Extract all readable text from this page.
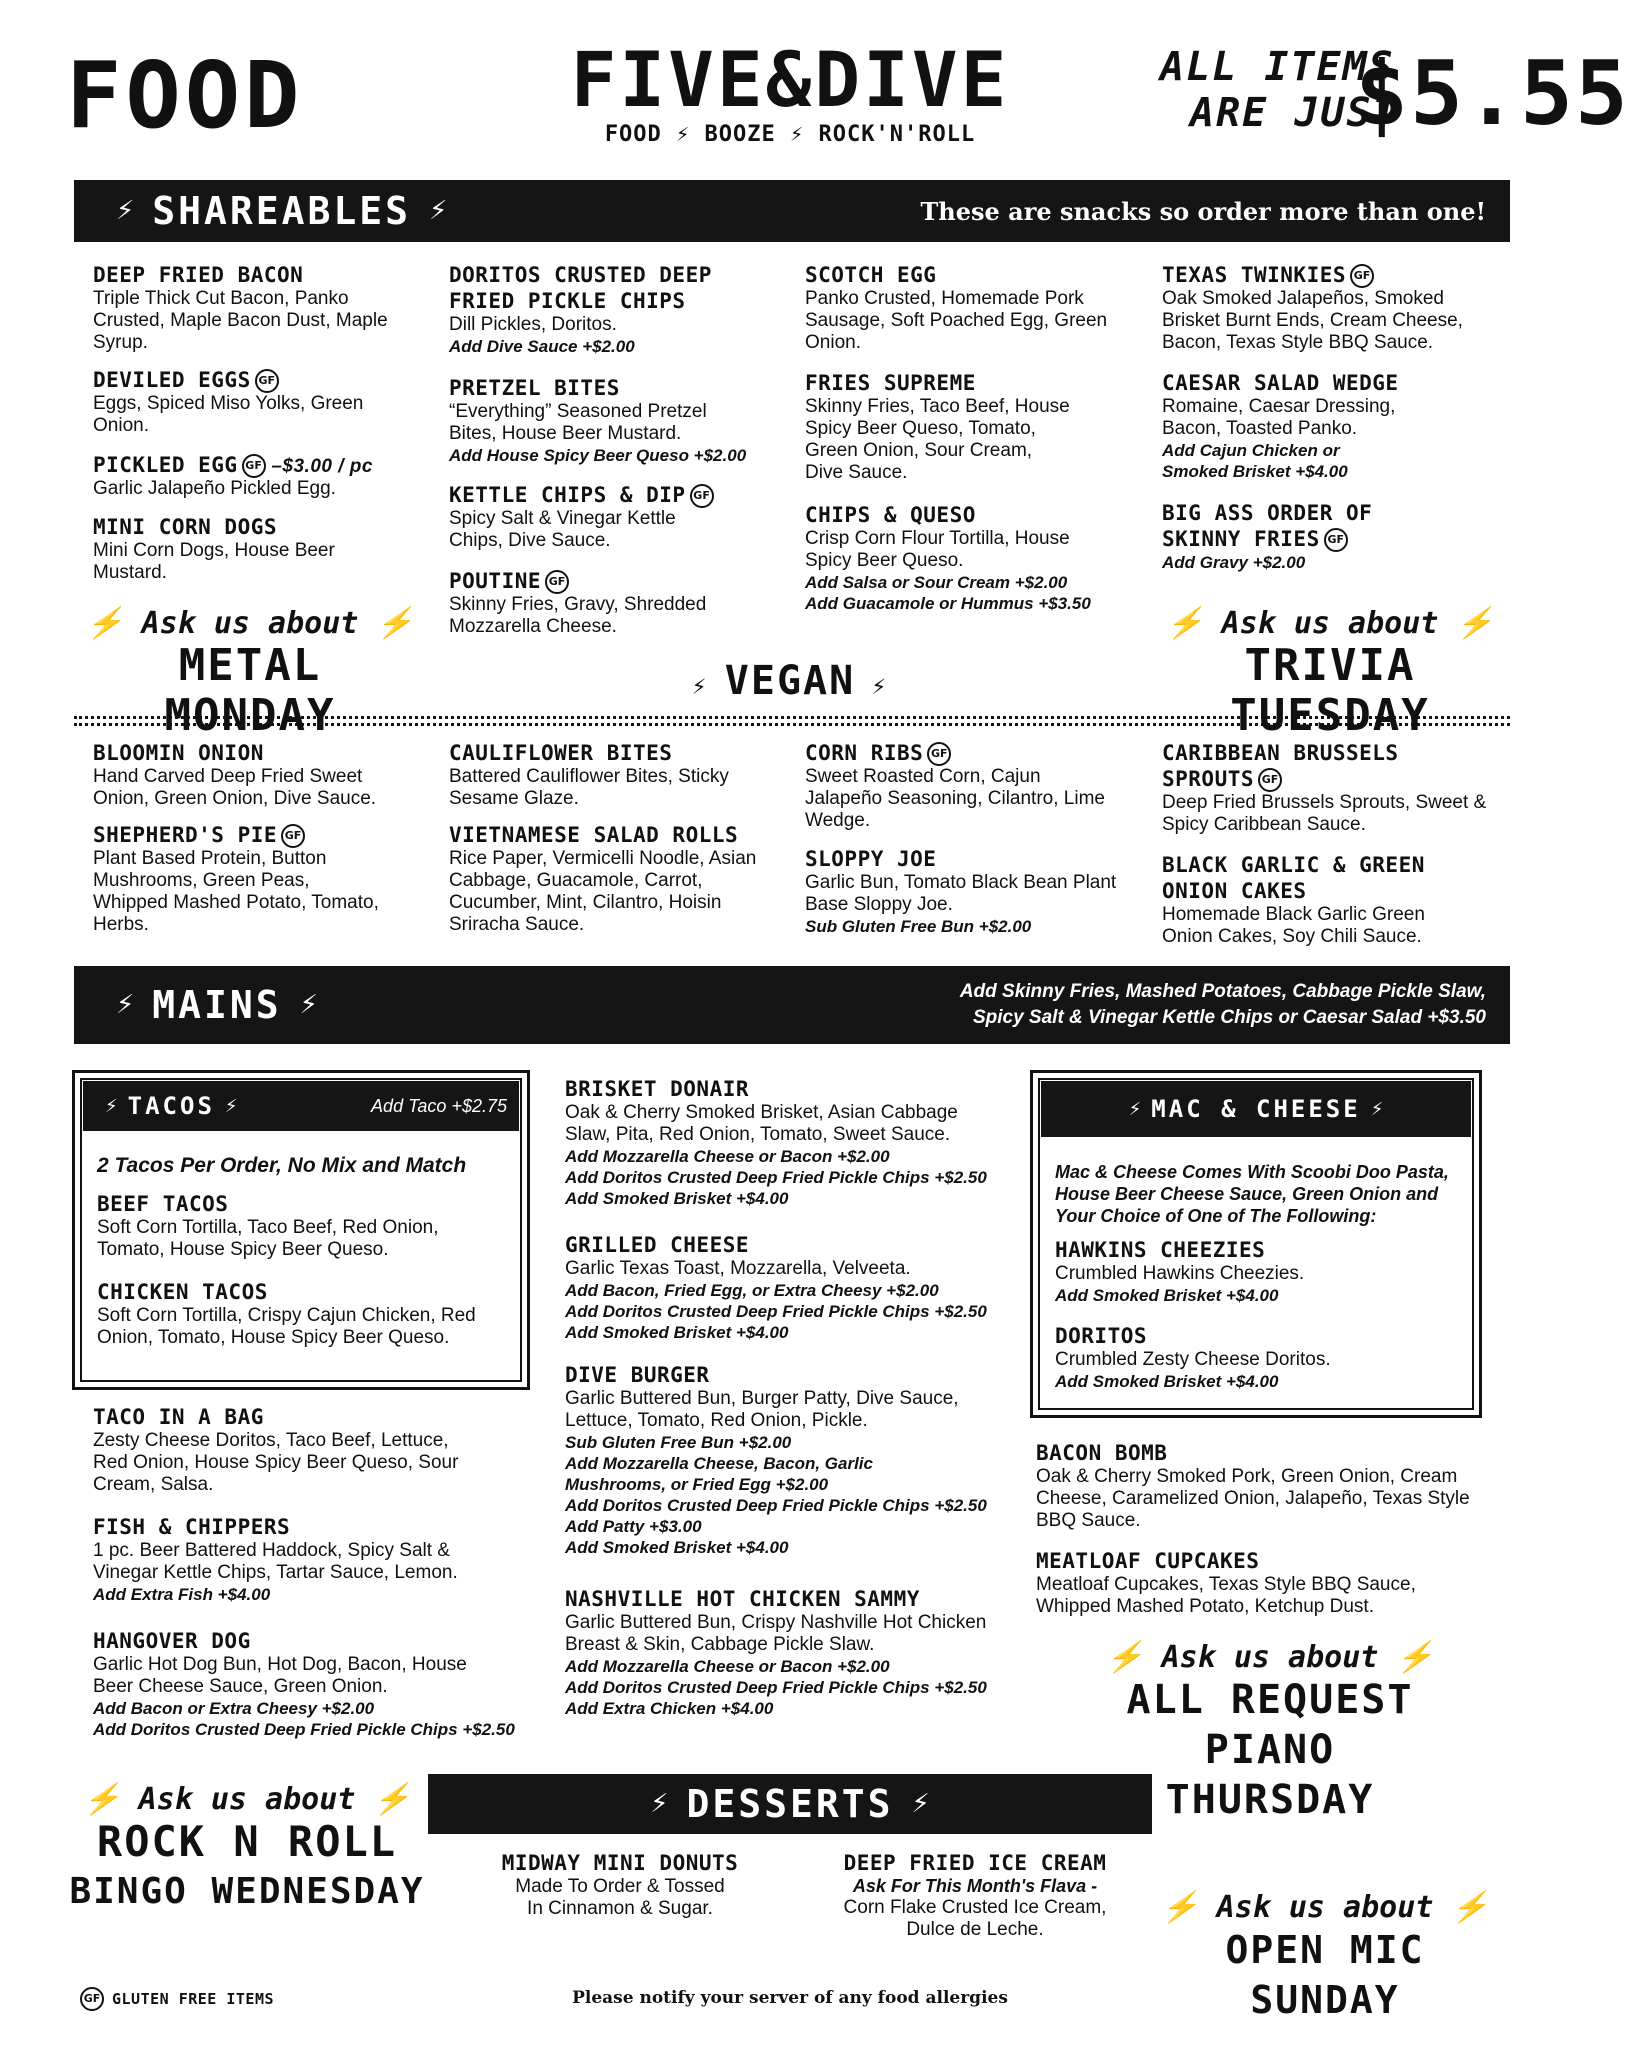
FOOD	FIVE&DIVE
FOOD ⚡ BOOZE ⚡ ROCK'N'ROLL
ALL ITEMS
ARE JUST
$5.55
⚡ SHAREABLES ⚡	These are snacks so order more than one!
DEEP FRIED BACON
Triple Thick Cut Bacon, Panko Crusted, Maple Bacon Dust, Maple Syrup.
DEVILED EGGS GF
Eggs, Spiced Miso Yolks, Green Onion.
PICKLED EGG GF –$3.00 / pc
Garlic Jalapeño Pickled Egg.
MINI CORN DOGS
Mini Corn Dogs, House Beer Mustard.
DORITOS CRUSTED DEEP FRIED PICKLE CHIPS
Dill Pickles, Doritos.
Add Dive Sauce +$2.00
PRETZEL BITES
“Everything” Seasoned Pretzel Bites, House Beer Mustard.
Add House Spicy Beer Queso +$2.00
KETTLE CHIPS & DIP GF
Spicy Salt & Vinegar Kettle Chips, Dive Sauce.
POUTINE GF
Skinny Fries, Gravy, Shredded Mozzarella Cheese.
SCOTCH EGG
Panko Crusted, Homemade Pork Sausage, Soft Poached Egg, Green Onion.
FRIES SUPREME
Skinny Fries, Taco Beef, House Spicy Beer Queso, Tomato, Green Onion, Sour Cream, Dive Sauce.
CHIPS & QUESO
Crisp Corn Flour Tortilla, House Spicy Beer Queso.
Add Salsa or Sour Cream +$2.00
Add Guacamole or Hummus +$3.50
TEXAS TWINKIES GF
Oak Smoked Jalapeños, Smoked Brisket Burnt Ends, Cream Cheese, Bacon, Texas Style BBQ Sauce.
CAESAR SALAD WEDGE
Romaine, Caesar Dressing, Bacon, Toasted Panko.
Add Cajun Chicken or Smoked Brisket +$4.00
BIG ASS ORDER OF SKINNY FRIES GF
Add Gravy +$2.00
⚡ Ask us about ⚡
METAL MONDAY
⚡ VEGAN ⚡
⚡ Ask us about ⚡
TRIVIA TUESDAY
BLOOMIN ONION
Hand Carved Deep Fried Sweet Onion, Green Onion, Dive Sauce.
SHEPHERD'S PIE GF
Plant Based Protein, Button Mushrooms, Green Peas, Whipped Mashed Potato, Tomato, Herbs.
CAULIFLOWER BITES
Battered Cauliflower Bites, Sticky Sesame Glaze.
VIETNAMESE SALAD ROLLS
Rice Paper, Vermicelli Noodle, Asian Cabbage, Guacamole, Carrot, Cucumber, Mint, Cilantro, Hoisin Sriracha Sauce.
CORN RIBS GF
Sweet Roasted Corn, Cajun Jalapeño Seasoning, Cilantro, Lime Wedge.
SLOPPY JOE
Garlic Bun, Tomato Black Bean Plant Base Sloppy Joe.
Sub Gluten Free Bun +$2.00
CARIBBEAN BRUSSELS SPROUTS GF
Deep Fried Brussels Sprouts, Sweet & Spicy Caribbean Sauce.
BLACK GARLIC & GREEN ONION CAKES
Homemade Black Garlic Green Onion Cakes, Soy Chili Sauce.
⚡ MAINS ⚡	Add Skinny Fries, Mashed Potatoes, Cabbage Pickle Slaw,
Spicy Salt & Vinegar Kettle Chips or Caesar Salad +$3.50
⚡ TACOS ⚡	Add Taco +$2.75
2 Tacos Per Order, No Mix and Match
BEEF TACOS
Soft Corn Tortilla, Taco Beef, Red Onion, Tomato, House Spicy Beer Queso.
CHICKEN TACOS
Soft Corn Tortilla, Crispy Cajun Chicken, Red Onion, Tomato, House Spicy Beer Queso.
TACO IN A BAG
Zesty Cheese Doritos, Taco Beef, Lettuce, Red Onion, House Spicy Beer Queso, Sour Cream, Salsa.
FISH & CHIPPERS
1 pc. Beer Battered Haddock, Spicy Salt & Vinegar Kettle Chips, Tartar Sauce, Lemon.
Add Extra Fish +$4.00
HANGOVER DOG
Garlic Hot Dog Bun, Hot Dog, Bacon, House Beer Cheese Sauce, Green Onion.
Add Bacon or Extra Cheesy +$2.00
Add Doritos Crusted Deep Fried Pickle Chips +$2.50
BRISKET DONAIR
Oak & Cherry Smoked Brisket, Asian Cabbage Slaw, Pita, Red Onion, Tomato, Sweet Sauce.
Add Mozzarella Cheese or Bacon +$2.00
Add Doritos Crusted Deep Fried Pickle Chips +$2.50
Add Smoked Brisket +$4.00
GRILLED CHEESE
Garlic Texas Toast, Mozzarella, Velveeta.
Add Bacon, Fried Egg, or Extra Cheesy +$2.00
Add Doritos Crusted Deep Fried Pickle Chips +$2.50
Add Smoked Brisket +$4.00
DIVE BURGER
Garlic Buttered Bun, Burger Patty, Dive Sauce, Lettuce, Tomato, Red Onion, Pickle.
Sub Gluten Free Bun +$2.00
Add Mozzarella Cheese, Bacon, Garlic Mushrooms, or Fried Egg +$2.00
Add Doritos Crusted Deep Fried Pickle Chips +$2.50
Add Patty +$3.00
Add Smoked Brisket +$4.00
NASHVILLE HOT CHICKEN SAMMY
Garlic Buttered Bun, Crispy Nashville Hot Chicken Breast & Skin, Cabbage Pickle Slaw.
Add Mozzarella Cheese or Bacon +$2.00
Add Doritos Crusted Deep Fried Pickle Chips +$2.50
Add Extra Chicken +$4.00
⚡ MAC & CHEESE ⚡
Mac & Cheese Comes With Scoobi Doo Pasta, House Beer Cheese Sauce, Green Onion and Your Choice of One of The Following:
HAWKINS CHEEZIES
Crumbled Hawkins Cheezies.
Add Smoked Brisket +$4.00
DORITOS
Crumbled Zesty Cheese Doritos.
Add Smoked Brisket +$4.00
BACON BOMB
Oak & Cherry Smoked Pork, Green Onion, Cream Cheese, Caramelized Onion, Jalapeño, Texas Style BBQ Sauce.
MEATLOAF CUPCAKES
Meatloaf Cupcakes, Texas Style BBQ Sauce, Whipped Mashed Potato, Ketchup Dust.
⚡ Ask us about ⚡
ALL REQUEST PIANO
THURSDAY
⚡ DESSERTS ⚡
MIDWAY MINI DONUTS
Made To Order & Tossed In Cinnamon & Sugar.
DEEP FRIED ICE CREAM
Ask For This Month's Flava -
Corn Flake Crusted Ice Cream, Dulce de Leche.
⚡ Ask us about ⚡
ROCK N ROLL
BINGO WEDNESDAY	⚡ Ask us about ⚡
OPEN MIC SUNDAY
GF GLUTEN FREE ITEMS	Please notify your server of any food allergies
